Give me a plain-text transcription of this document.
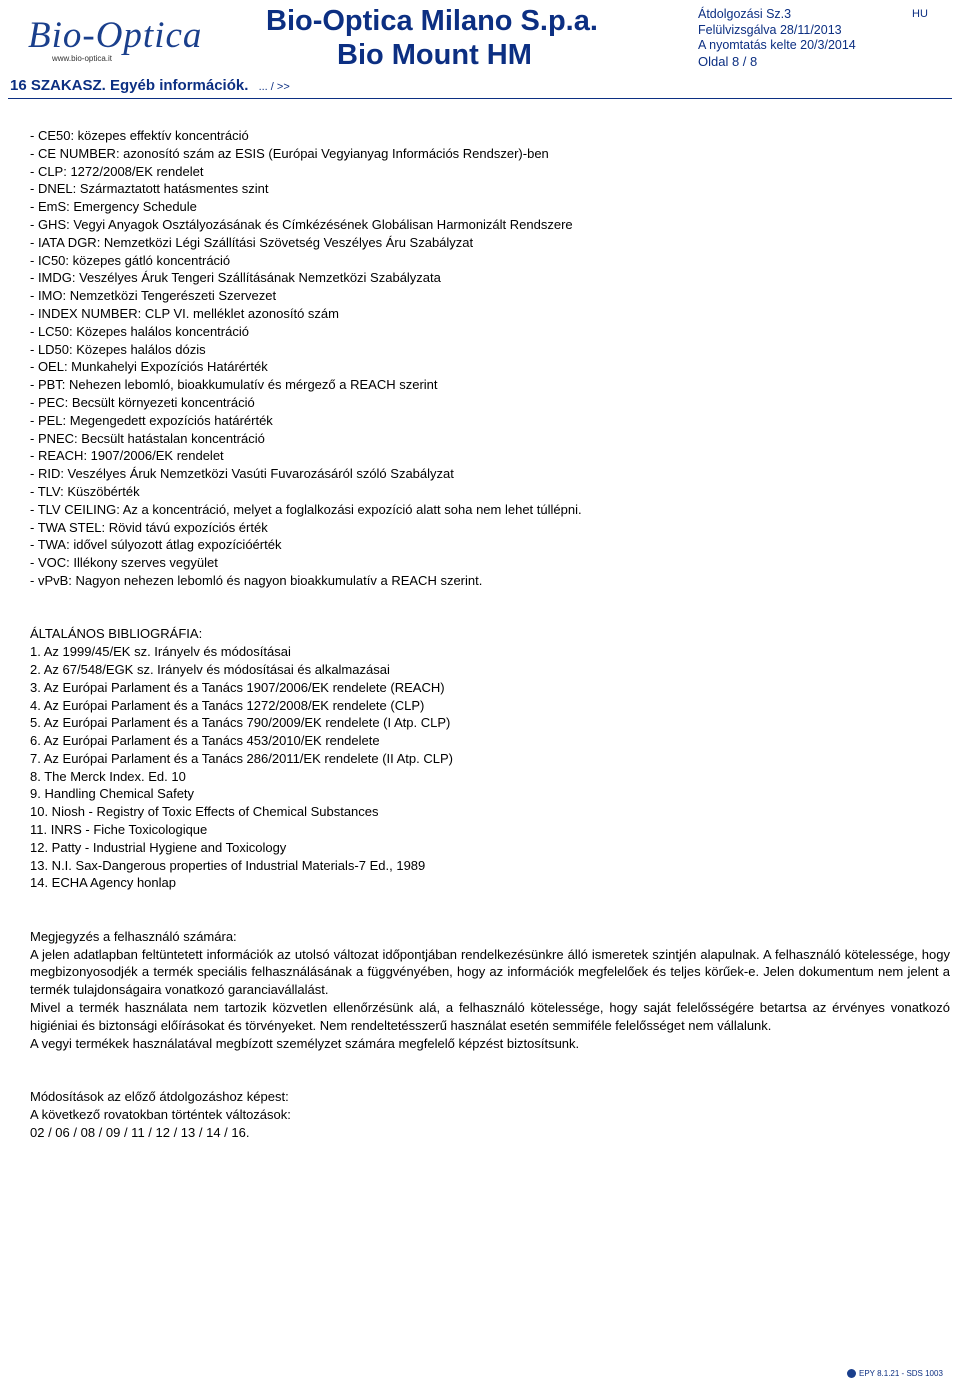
Bio-Optica
www.bio-optica.it
Bio-Optica Milano S.p.a.
Bio Mount HM
Átdolgozási Sz.3
Felülvizsgálva 28/11/2013
A nyomtatás kelte 20/3/2014
Oldal 8 / 8
HU
16 SZAKASZ. Egyéb információk. ... / >>
- CE50: közepes effektív koncentráció
- CE NUMBER: azonosító szám az ESIS (Európai Vegyianyag Információs Rendszer)-ben
- CLP: 1272/2008/EK rendelet
- DNEL: Származtatott hatásmentes szint
- EmS: Emergency Schedule
- GHS: Vegyi Anyagok Osztályozásának és Címkézésének Globálisan Harmonizált Rendszere
- IATA DGR: Nemzetközi Légi Szállítási Szövetség Veszélyes Áru Szabályzat
- IC50: közepes gátló koncentráció
- IMDG: Veszélyes Áruk Tengeri Szállításának Nemzetközi Szabályzata
- IMO: Nemzetközi Tengerészeti Szervezet
- INDEX NUMBER: CLP VI. melléklet azonosító szám
- LC50: Közepes halálos koncentráció
- LD50: Közepes halálos dózis
- OEL: Munkahelyi Expozíciós Határérték
- PBT: Nehezen lebomló, bioakkumulatív és mérgező a REACH szerint
- PEC: Becsült környezeti koncentráció
- PEL: Megengedett expozíciós határérték
- PNEC: Becsült hatástalan koncentráció
- REACH: 1907/2006/EK rendelet
- RID: Veszélyes Áruk Nemzetközi Vasúti Fuvarozásáról szóló Szabályzat
- TLV: Küszöbérték
- TLV CEILING: Az a koncentráció, melyet a foglalkozási expozíció alatt soha nem lehet túllépni.
- TWA STEL: Rövid távú expozíciós érték
- TWA: idővel súlyozott átlag expozícióérték
- VOC: Illékony szerves vegyület
- vPvB: Nagyon nehezen lebomló és nagyon bioakkumulatív a REACH szerint.
ÁLTALÁNOS BIBLIOGRÁFIA:
1. Az 1999/45/EK sz. Irányelv és módosításai
2. Az 67/548/EGK sz. Irányelv és módosításai és alkalmazásai
3. Az Európai Parlament és a Tanács 1907/2006/EK rendelete (REACH)
4. Az Európai Parlament és a Tanács 1272/2008/EK rendelete (CLP)
5. Az Európai Parlament és a Tanács 790/2009/EK rendelete (I Atp. CLP)
6. Az Európai Parlament és a Tanács 453/2010/EK rendelete
7. Az Európai Parlament és a Tanács 286/2011/EK rendelete (II Atp. CLP)
8. The Merck Index. Ed. 10
9. Handling Chemical Safety
10. Niosh - Registry of Toxic Effects of Chemical Substances
11. INRS - Fiche Toxicologique
12. Patty - Industrial Hygiene and Toxicology
13. N.I. Sax-Dangerous properties of Industrial Materials-7 Ed., 1989
14. ECHA Agency honlap
Megjegyzés a felhasználó számára:

A jelen adatlapban feltüntetett információk az utolsó változat időpontjában rendelkezésünkre álló ismeretek szintjén alapulnak. A felhasználó kötelessége, hogy megbizonyosodjék a termék speciális felhasználásának a függvényében, hogy az információk megfelelőek és teljes körűek-e. Jelen dokumentum nem jelent a termék tulajdonságaira vonatkozó garanciavállalást.

Mivel a termék használata nem tartozik közvetlen ellenőrzésünk alá, a felhasználó kötelessége, hogy saját felelősségére betartsa az érvényes vonatkozó higiéniai és biztonsági előírásokat és törvényeket. Nem rendeltetésszerű használat esetén semmiféle felelősséget nem vállalunk.

A vegyi termékek használatával megbízott személyzet számára megfelelő képzést biztosítsunk.

Módosítások az előző átdolgozáshoz képest:
A következő rovatokban történtek változások:
02 / 06 / 08 / 09 / 11 / 12 / 13 / 14 / 16.
EPY 8.1.21 - SDS 1003
